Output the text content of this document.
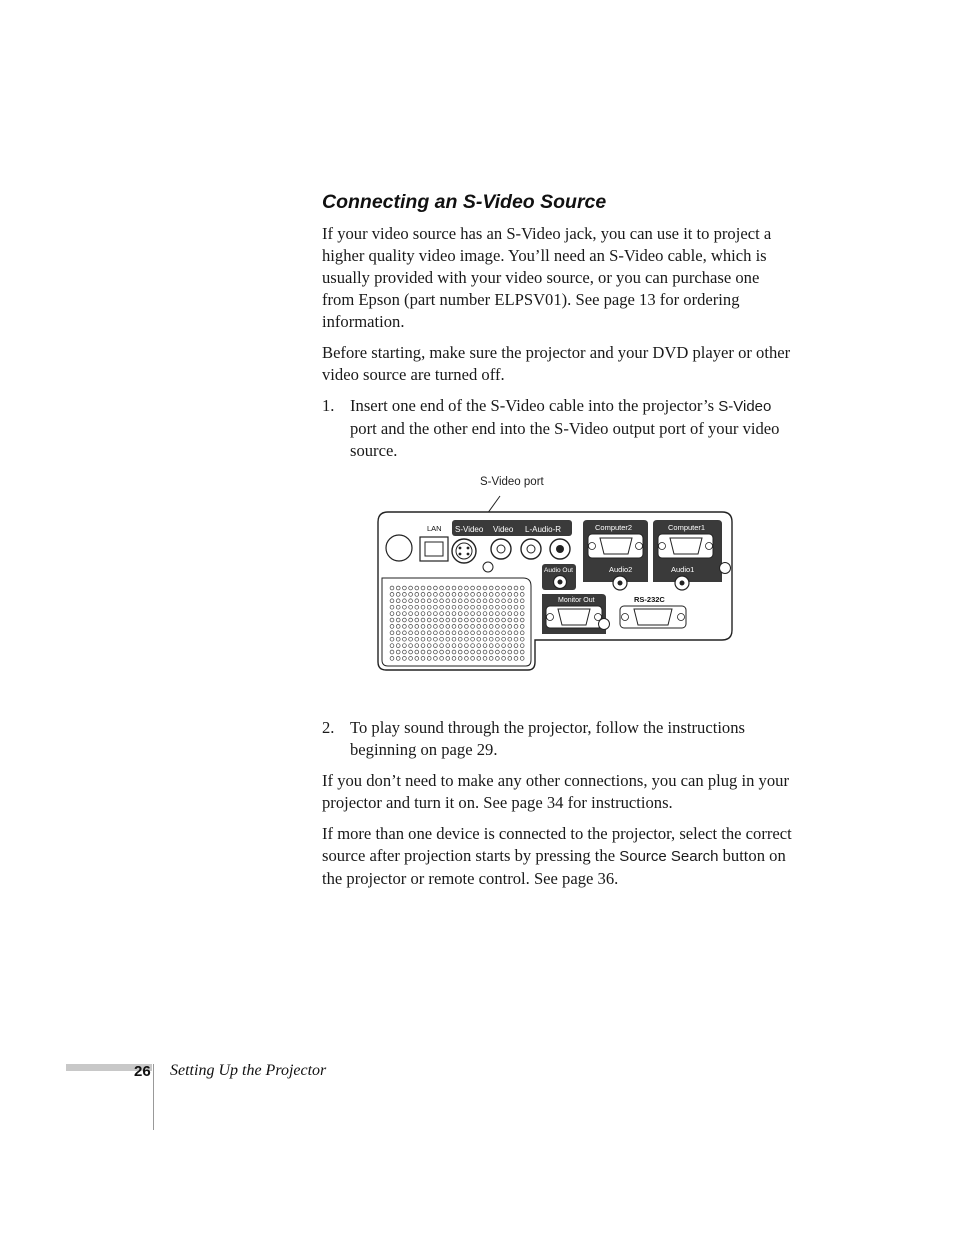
Connecting an S-Video Source

If your video source has an S-Video jack, you can use it to project a higher quality video image. You’ll need an S-Video cable, which is usually provided with your video source, or you can purchase one from Epson (part number ELPSV01). See page 13 for ordering information.

Before starting, make sure the projector and your DVD player or other video source are turned off.

1. Insert one end of the S-Video cable into the projector’s S-Video port and the other end into the S-Video output port of your video source.
2. To play sound through the projector, follow the instructions beginning on page 29.

If you don’t need to make any other connections, you can plug in your projector and turn it on. See page 34 for instructions.

If more than one device is connected to the projector, select the correct source after projection starts by pressing the Source Search button on the projector or remote control. See page 36.

S-Video port
LAN S-Video Video L-Audio-R	Computer2
Audio2
Computer1
Audio1
Audio Out
Monitor Out	RS-232C
26 Setting Up the Projector
